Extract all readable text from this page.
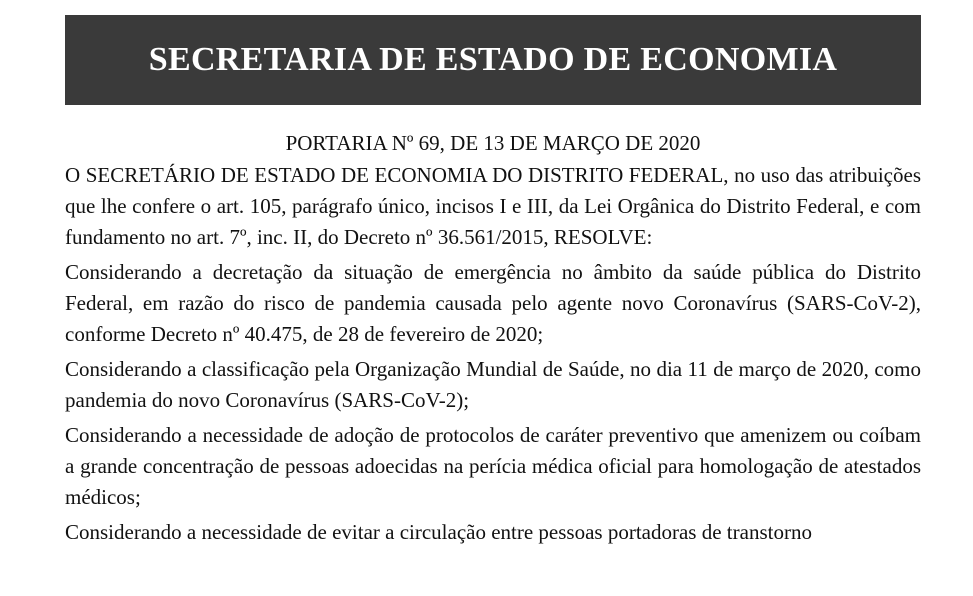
SECRETARIA DE ESTADO DE ECONOMIA
PORTARIA Nº 69, DE 13 DE MARÇO DE 2020

O SECRETÁRIO DE ESTADO DE ECONOMIA DO DISTRITO FEDERAL, no uso das atribuições que lhe confere o art. 105, parágrafo único, incisos I e III, da Lei Orgânica do Distrito Federal, e com fundamento no art. 7º, inc. II, do Decreto nº 36.561/2015, RESOLVE:

Considerando a decretação da situação de emergência no âmbito da saúde pública do Distrito Federal, em razão do risco de pandemia causada pelo agente novo Coronavírus (SARS-CoV-2), conforme Decreto nº 40.475, de 28 de fevereiro de 2020;

Considerando a classificação pela Organização Mundial de Saúde, no dia 11 de março de 2020, como pandemia do novo Coronavírus (SARS-CoV-2);

Considerando a necessidade de adoção de protocolos de caráter preventivo que amenizem ou coíbam a grande concentração de pessoas adoecidas na perícia médica oficial para homologação de atestados médicos;

Considerando a necessidade de evitar a circulação entre pessoas portadoras de transtorno
